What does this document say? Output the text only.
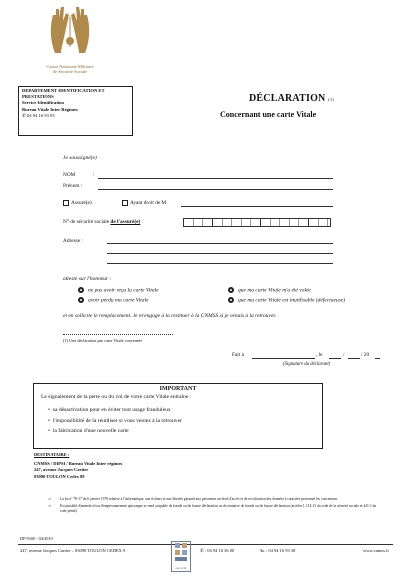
Caisse Nationale Militaire
de Sécurité Sociale
DEPARTEMENT IDENTIFICATION ET
PRESTATIONS
Service Identification
Bureau Vitale Inter Régimes
✆ 04 94 16 93 93
DÉCLARATION (1)
Concernant une carte Vitale
Je soussigné(e)
NOM	:
Prénom :
Assuré(e)	Ayant droit de M
N° de sécurité sociale de l'assuré(e) :
Adresse :
atteste sur l'honneur :
ne pas avoir reçu la carte Vitale	que ma carte Vitale m'a été volée
avoir perdu ma carte Vitale	que ma carte Vitale est inutilisable (défectueuse)
et en sollicite le remplacement. Je m'engage à la restituer à la CNMSS si je venais à la retrouver.
(1) Une déclaration par carte Vitale concernée
Fait à	, le	/	/ 20
(Signature du déclarant)
IMPORTANT
Le signalement de la perte ou du vol de votre carte Vitale entraîne :
•  sa désactivation pour en éviter tout usage frauduleux
•  l'impossibilité de la réutiliser si vous veniez à la retrouver
•  la fabrication d'une nouvelle carte
DESTINATAIRE :
CNMSS / DIPSI / Bureau Vitale Inter régimes
247, avenue Jacques Cartier
83090 TOULON Cedex 09
⇒ La loi n° 78-17 du 6 janvier 1978 relative à l'informatique, aux fichiers et aux libertés garantit aux personnes un droit d'accès et de rectification des données à caractère personnel les concernant.
⇒ Est passible d'amende et/ou d'emprisonnement quiconque se rend coupable de fraude ou de fausse déclaration ou de tentative de fraude ou de fausse déclaration (articles L 114-13 du code de la sécurité sociale et 441-1 du code pénal).
DP 9300 - 04/2010
247, avenue Jacques Cartier – 83090 TOULON CEDEX 9
QUALITÉ
✆ : 04 94 16 36 00	℡ : 04 94 16 93 38	www.cnmss.fr
